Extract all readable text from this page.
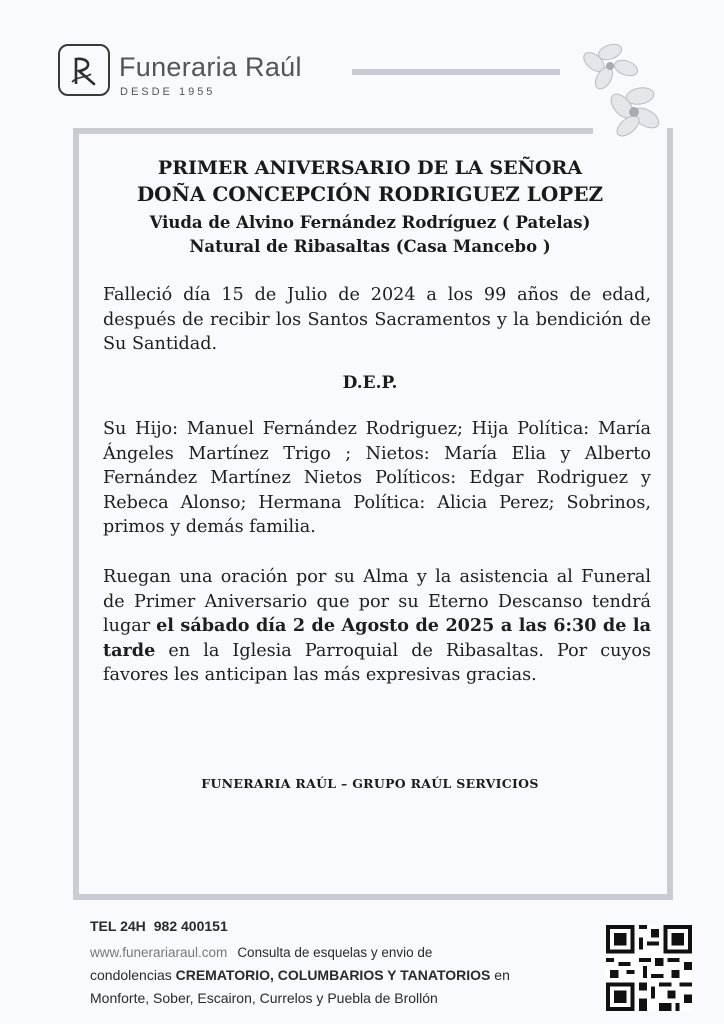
Funeraria Raúl
DESDE 1955
PRIMER ANIVERSARIO DE LA SEÑORA
DOÑA CONCEPCIÓN RODRIGUEZ LOPEZ
Viuda de Alvino Fernández Rodríguez ( Patelas)
Natural de Ribasaltas (Casa Mancebo )
Falleció día 15 de Julio de 2024 a los 99 años de edad, después de recibir los Santos Sacramentos y la bendición de Su Santidad.
D.E.P.
Su Hijo: Manuel Fernández Rodriguez; Hija Política: María Ángeles Martínez Trigo ; Nietos: María Elia y Alberto Fernández Martínez Nietos Políticos: Edgar Rodriguez y Rebeca Alonso; Hermana Política: Alicia Perez; Sobrinos, primos y demás familia.
Ruegan una oración por su Alma y la asistencia al Funeral de Primer Aniversario que por su Eterno Descanso tendrá lugar el sábado día 2 de Agosto de 2025 a las 6:30 de la tarde en la Iglesia Parroquial de Ribasaltas. Por cuyos favores les anticipan las más expresivas gracias.
FUNERARIA RAÚL – GRUPO RAÚL SERVICIOS
TEL 24H 982 400151
www.funerariaraul.com Consulta de esquelas y envio de
condolencias CREMATORIO, COLUMBARIOS Y TANATORIOS en
Monforte, Sober, Escairon, Currelos y Puebla de Brollón
